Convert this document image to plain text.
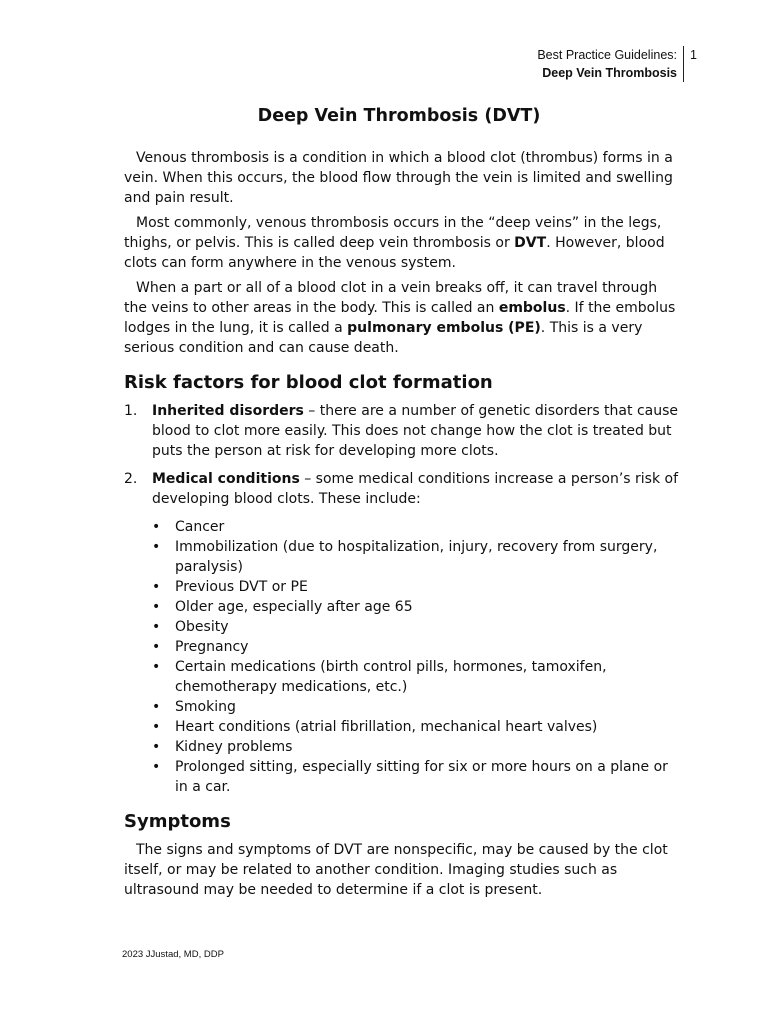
Best Practice Guidelines:
Deep Vein Thrombosis
1
Deep Vein Thrombosis (DVT)

Venous thrombosis is a condition in which a blood clot (thrombus) forms in a vein. When this occurs, the blood flow through the vein is limited and swelling and pain result.

Most commonly, venous thrombosis occurs in the “deep veins” in the legs, thighs, or pelvis. This is called deep vein thrombosis or DVT. However, blood clots can form anywhere in the venous system.

When a part or all of a blood clot in a vein breaks off, it can travel through the veins to other areas in the body. This is called an embolus. If the embolus lodges in the lung, it is called a pulmonary embolus (PE). This is a very serious condition and can cause death.

Risk factors for blood clot formation
1. Inherited disorders – there are a number of genetic disorders that cause blood to clot more easily. This does not change how the clot is treated but puts the person at risk for developing more clots.
2. Medical conditions – some medical conditions increase a person’s risk of developing blood clots. These include:
• Cancer
• Immobilization (due to hospitalization, injury, recovery from surgery, paralysis)
• Previous DVT or PE
• Older age, especially after age 65
• Obesity
• Pregnancy
• Certain medications (birth control pills, hormones, tamoxifen, chemotherapy medications, etc.)
• Smoking
• Heart conditions (atrial fibrillation, mechanical heart valves)
• Kidney problems
• Prolonged sitting, especially sitting for six or more hours on a plane or in a car.
Symptoms

The signs and symptoms of DVT are nonspecific, may be caused by the clot itself, or may be related to another condition. Imaging studies such as ultrasound may be needed to determine if a clot is present.

2023 JJustad, MD, DDP
